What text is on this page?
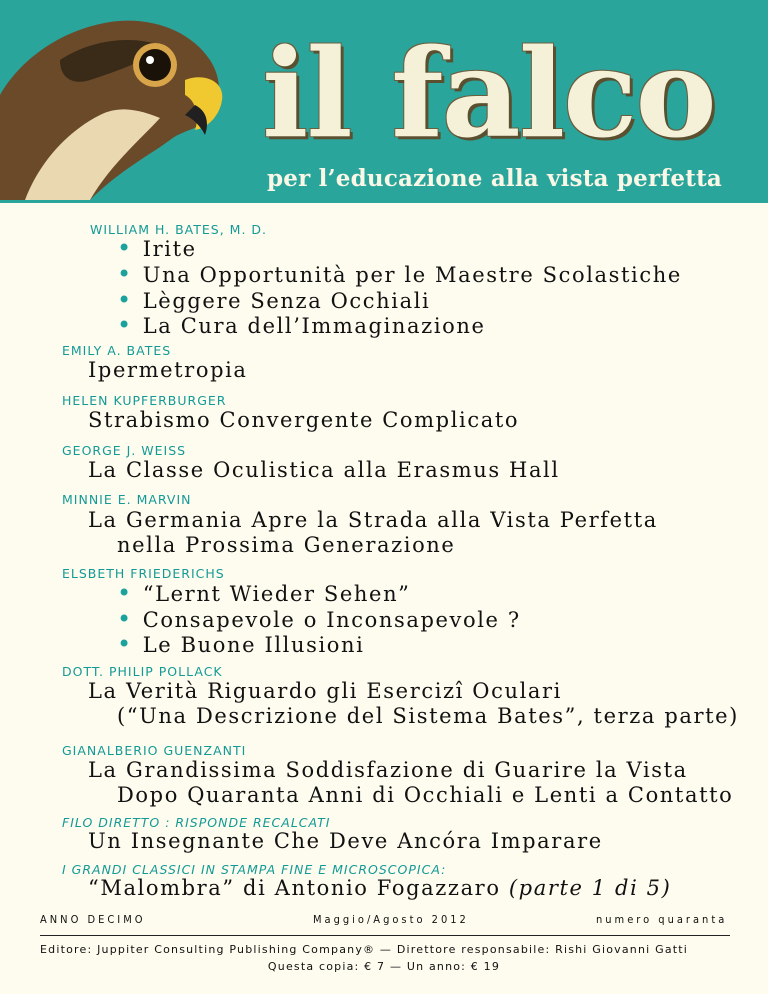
il falco
per l’educazione alla vista perfetta
WILLIAM H. BATES, M. D.
• Irite
• Una Opportunità per le Maestre Scolastiche
• Lèggere Senza Occhiali
• La Cura dell’Immaginazione
EMILY A. BATES
Ipermetropia
HELEN KUPFERBURGER
Strabismo Convergente Complicato
GEORGE J. WEISS
La Classe Oculistica alla Erasmus Hall
MINNIE E. MARVIN
La Germania Apre la Strada alla Vista Perfetta
nella Prossima Generazione
ELSBETH FRIEDERICHS
• “Lernt Wieder Sehen”
• Consapevole o Inconsapevole ?
• Le Buone Illusioni
DOTT. PHILIP POLLACK
La Verità Riguardo gli Esercizî Oculari
(“Una Descrizione del Sistema Bates”, terza parte)
GIANALBERIO GUENZANTI
La Grandissima Soddisfazione di Guarire la Vista
Dopo Quaranta Anni di Occhiali e Lenti a Contatto
FILO DIRETTO : RISPONDE RECALCATI
Un Insegnante Che Deve Ancóra Imparare
I GRANDI CLASSICI IN STAMPA FINE E MICROSCOPICA:
“Malombra” di Antonio Fogazzaro (parte 1 di 5)
ANNO DECIMO	Maggio/Agosto 2012	numero quaranta
Editore: Juppiter Consulting Publishing Company® — Direttore responsabile: Rishi Giovanni Gatti
Questa copia: € 7 — Un anno: € 19
